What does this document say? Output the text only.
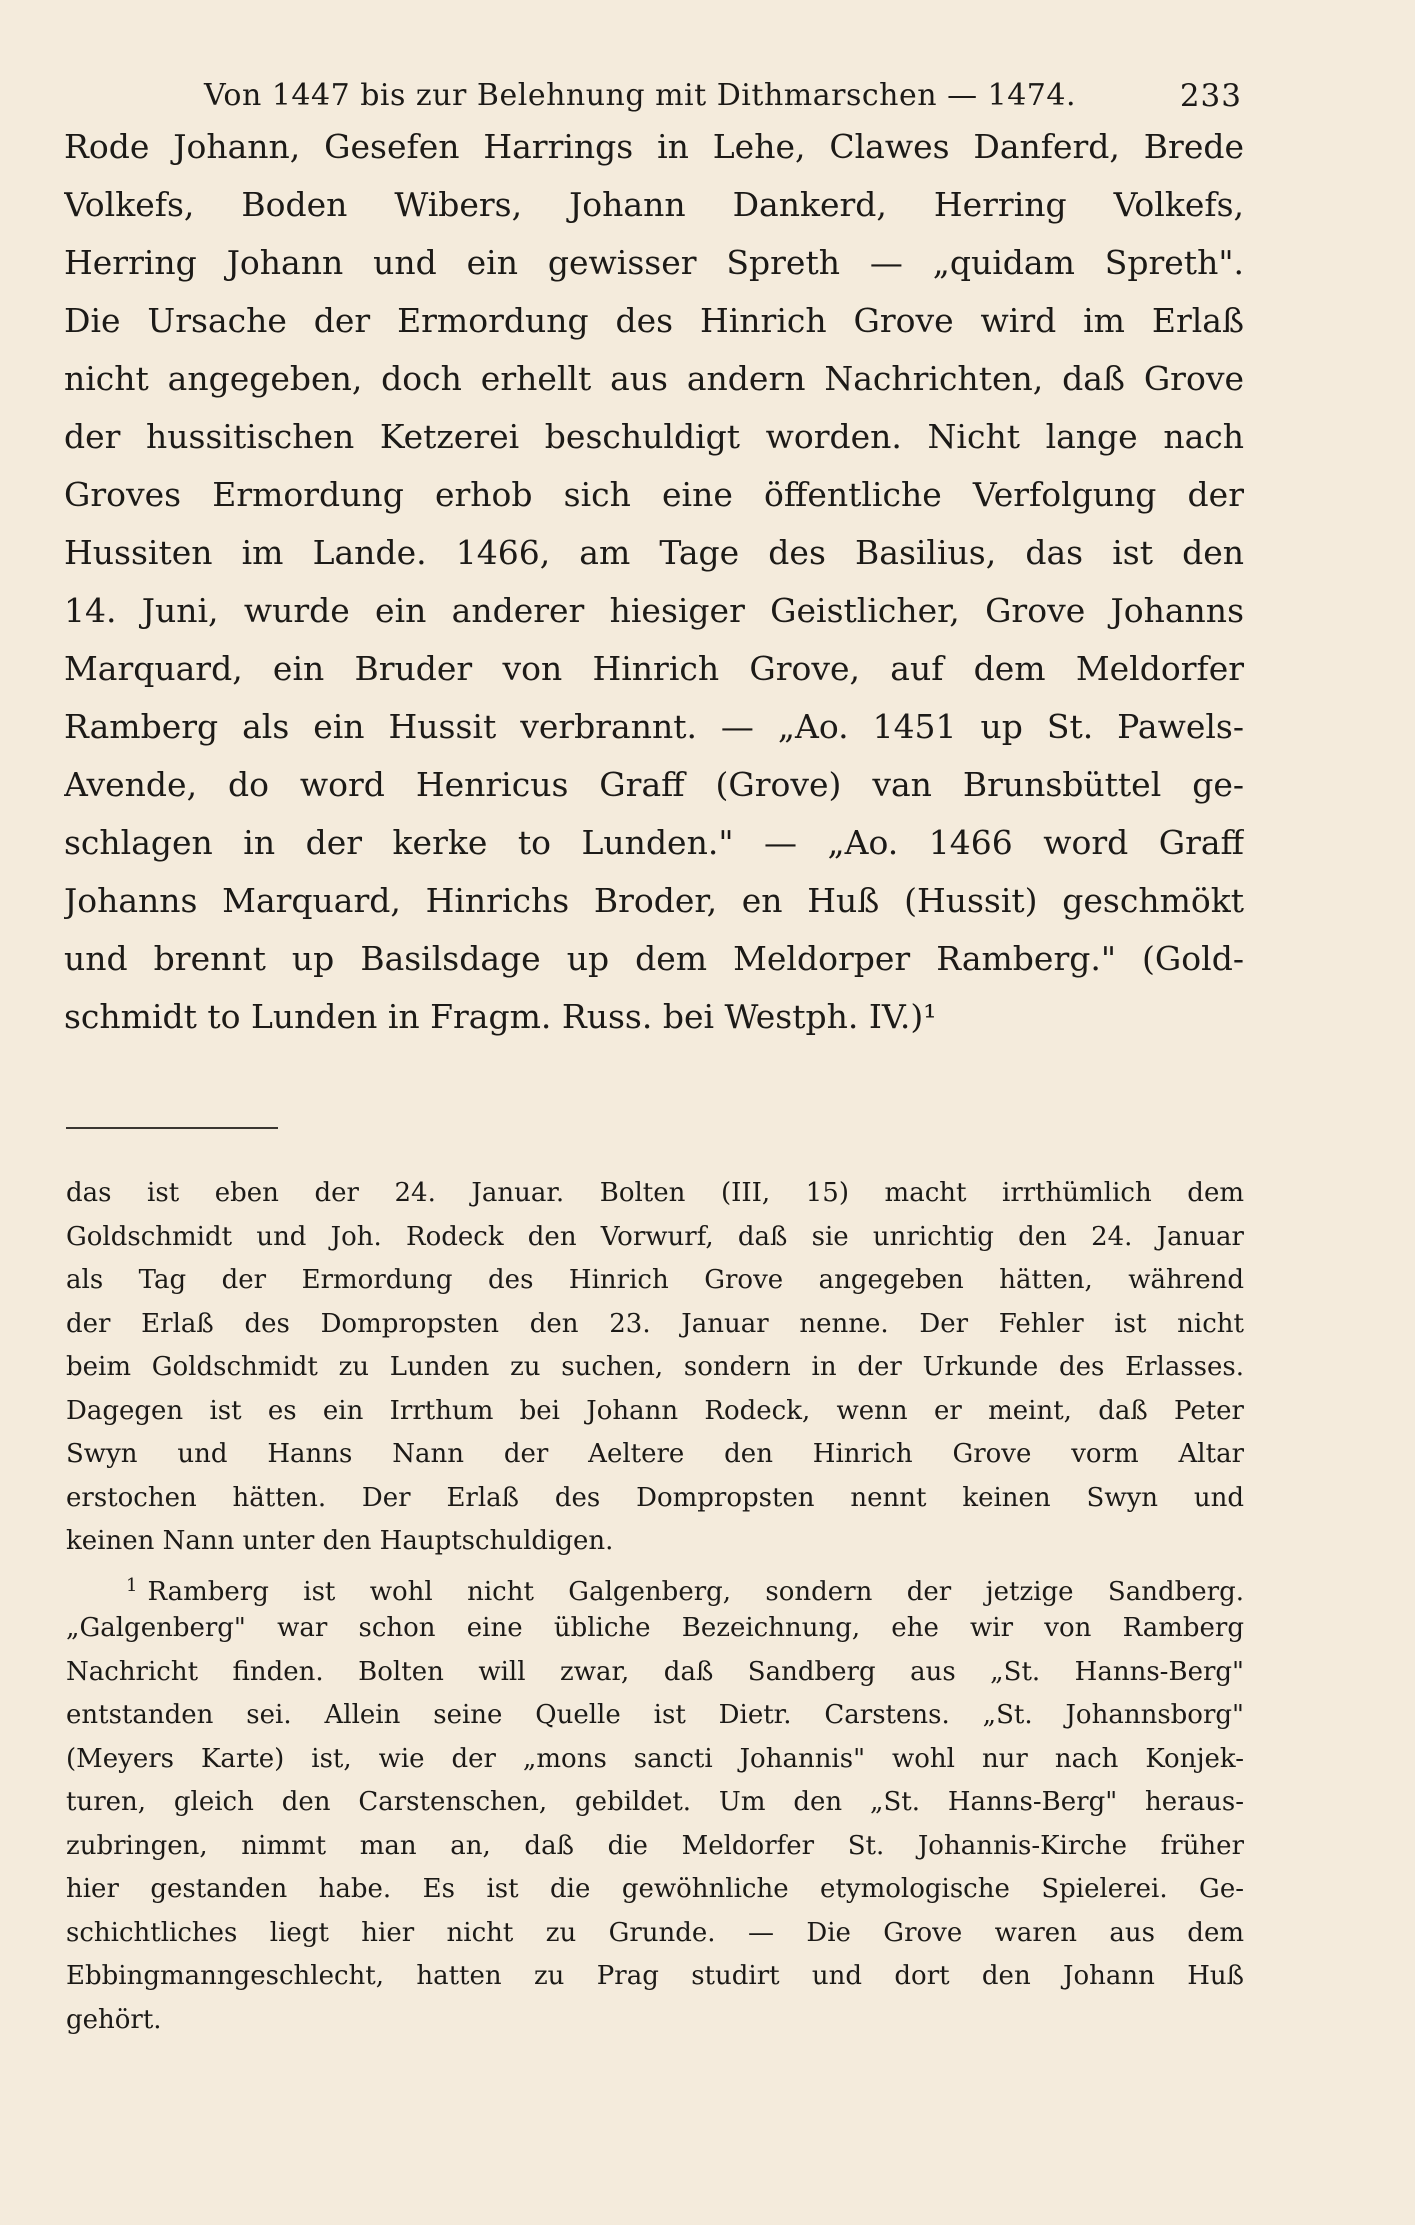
Von 1447 bis zur Belehnung mit Dithmarschen — 1474.	233
Rode Johann, Gesefen Harrings in Lehe, Clawes Danferd, Brede
Volkefs, Boden Wibers, Johann Dankerd, Herring Volkefs,
Herring Johann und ein gewisser Spreth — „quidam Spreth".
Die Ursache der Ermordung des Hinrich Grove wird im Erlaß
nicht angegeben, doch erhellt aus andern Nachrichten, daß Grove
der hussitischen Ketzerei beschuldigt worden. Nicht lange nach
Groves Ermordung erhob sich eine öffentliche Verfolgung der
Hussiten im Lande. 1466, am Tage des Basilius, das ist den
14. Juni, wurde ein anderer hiesiger Geistlicher, Grove Johanns
Marquard, ein Bruder von Hinrich Grove, auf dem Meldorfer
Ramberg als ein Hussit verbrannt. — „Ao. 1451 up St. Pawels-
Avende, do word Henricus Graff (Grove) van Brunsbüttel ge-
schlagen in der kerke to Lunden." — „Ao. 1466 word Graff
Johanns Marquard, Hinrichs Broder, en Huß (Hussit) geschmökt
und brennt up Basilsdage up dem Meldorper Ramberg." (Gold-
schmidt to Lunden in Fragm. Russ. bei Westph. IV.)¹
das ist eben der 24. Januar. Bolten (III, 15) macht irrthümlich dem
Goldschmidt und Joh. Rodeck den Vorwurf, daß sie unrichtig den 24. Januar
als Tag der Ermordung des Hinrich Grove angegeben hätten, während
der Erlaß des Dompropsten den 23. Januar nenne. Der Fehler ist nicht
beim Goldschmidt zu Lunden zu suchen, sondern in der Urkunde des Erlasses.
Dagegen ist es ein Irrthum bei Johann Rodeck, wenn er meint, daß Peter
Swyn und Hanns Nann der Aeltere den Hinrich Grove vorm Altar
erstochen hätten. Der Erlaß des Dompropsten nennt keinen Swyn und
keinen Nann unter den Hauptschuldigen.
$^1$ Ramberg ist wohl nicht Galgenberg, sondern der jetzige Sandberg.
„Galgenberg" war schon eine übliche Bezeichnung, ehe wir von Ramberg
Nachricht finden. Bolten will zwar, daß Sandberg aus „St. Hanns-Berg"
entstanden sei. Allein seine Quelle ist Dietr. Carstens. „St. Johannsborg"
(Meyers Karte) ist, wie der „mons sancti Johannis" wohl nur nach Konjek-
turen, gleich den Carstenschen, gebildet. Um den „St. Hanns-Berg" heraus-
zubringen, nimmt man an, daß die Meldorfer St. Johannis-Kirche früher
hier gestanden habe. Es ist die gewöhnliche etymologische Spielerei. Ge-
schichtliches liegt hier nicht zu Grunde. — Die Grove waren aus dem
Ebbingmanngeschlecht, hatten zu Prag studirt und dort den Johann Huß
gehört.
